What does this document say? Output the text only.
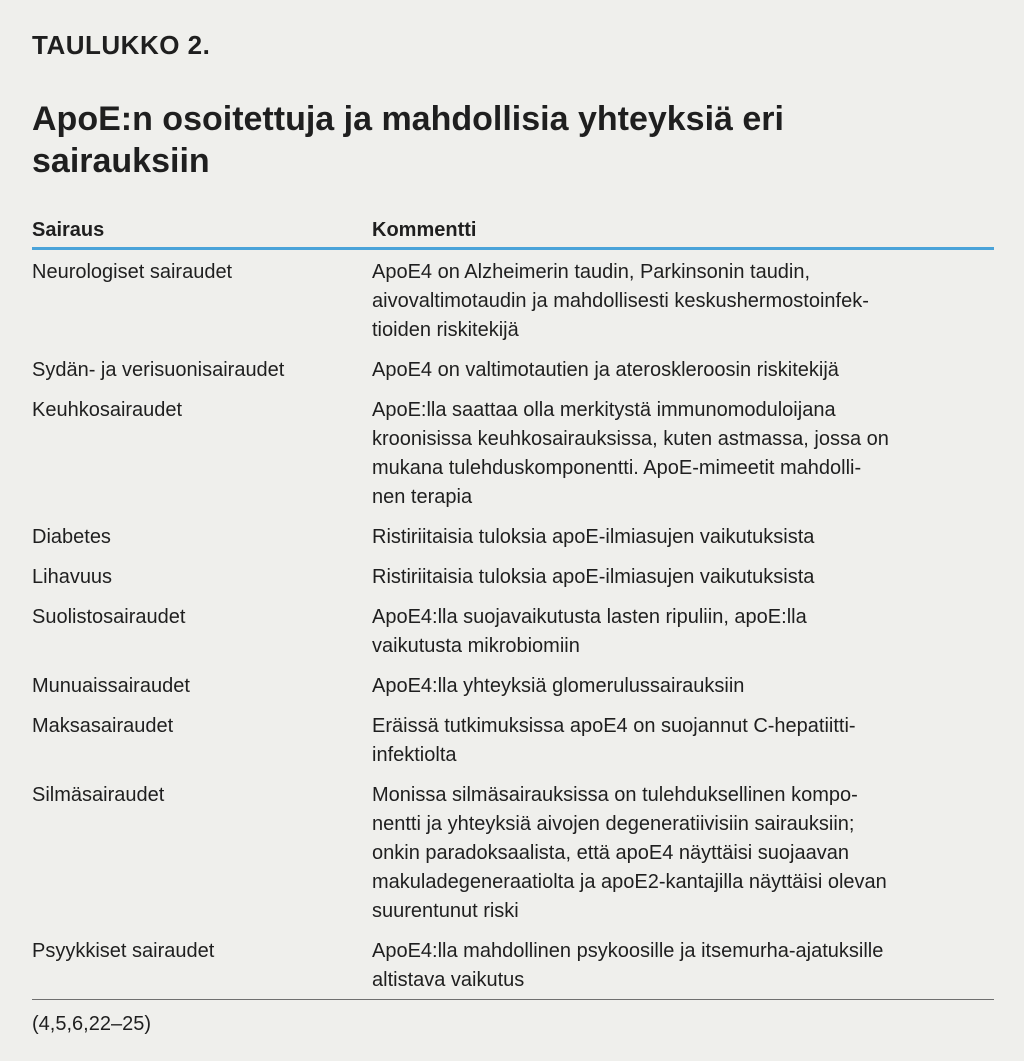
TAULUKKO 2.
ApoE:n osoitettuja ja mahdollisia yhteyksiä eri sairauksiin
Sairaus	Kommentti
Neurologiset sairaudet	ApoE4 on Alzheimerin taudin, Parkinsonin taudin,
aivovaltimotaudin ja mahdollisesti keskushermostoinfek-
tioiden riskitekijä
Sydän- ja verisuonisairaudet	ApoE4 on valtimotautien ja ateroskleroosin riskitekijä
Keuhkosairaudet	ApoE:lla saattaa olla merkitystä immunomoduloijana
kroonisissa keuhkosairauksissa, kuten astmassa, jossa on
mukana tulehduskomponentti. ApoE-mimeetit mahdolli-
nen terapia
Diabetes	Ristiriitaisia tuloksia apoE-ilmiasujen vaikutuksista
Lihavuus	Ristiriitaisia tuloksia apoE-ilmiasujen vaikutuksista
Suolistosairaudet	ApoE4:lla suojavaikutusta lasten ripuliin, apoE:lla
vaikutusta mikrobiomiin
Munuaissairaudet	ApoE4:lla yhteyksiä glomerulussairauksiin
Maksasairaudet	Eräissä tutkimuksissa apoE4 on suojannut C-hepatiitti-
infektiolta
Silmäsairaudet	Monissa silmäsairauksissa on tulehduksellinen kompo-
nentti ja yhteyksiä aivojen degeneratiivisiin sairauksiin;
onkin paradoksaalista, että apoE4 näyttäisi suojaavan
makuladegeneraatiolta ja apoE2-kantajilla näyttäisi olevan
suurentunut riski
Psyykkiset sairaudet	ApoE4:lla mahdollinen psykoosille ja itsemurha-ajatuksille
altistava vaikutus
(4,5,6,22–25)
